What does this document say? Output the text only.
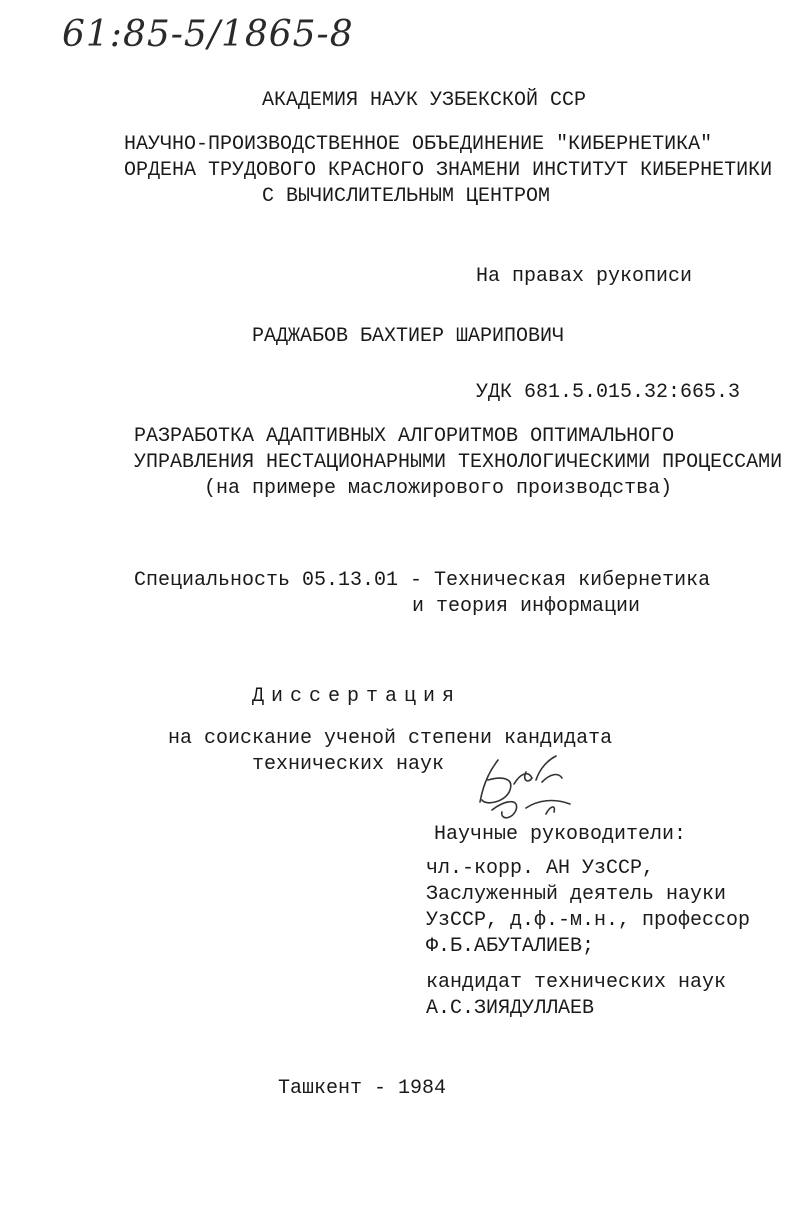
61:85-5/1865-8
АКАДЕМИЯ НАУК УЗБЕКСКОЙ ССР
НАУЧНО-ПРОИЗВОДСТВЕННОЕ ОБЪЕДИНЕНИЕ "КИБЕРНЕТИКА"
ОРДЕНА ТРУДОВОГО КРАСНОГО ЗНАМЕНИ ИНСТИТУТ КИБЕРНЕТИКИ
С ВЫЧИСЛИТЕЛЬНЫМ ЦЕНТРОМ
На правах рукописи
РАДЖАБОВ БАХТИЕР ШАРИПОВИЧ
УДК 681.5.015.32:665.3
РАЗРАБОТКА АДАПТИВНЫХ АЛГОРИТМОВ ОПТИМАЛЬНОГО
УПРАВЛЕНИЯ НЕСТАЦИОНАРНЫМИ ТЕХНОЛОГИЧЕСКИМИ ПРОЦЕССАМИ
(на примере масложирового производства)
Специальность 05.13.01 - Техническая кибернетика
и теория информации
Диссертация
на соискание ученой степени кандидата
технических наук
Научные руководители:
чл.-корр. АН УзССР,
Заслуженный деятель науки
УзССР, д.ф.-м.н., профессор
Ф.Б.АБУТАЛИЕВ;
кандидат технических наук
А.С.ЗИЯДУЛЛАЕВ
Ташкент - 1984
